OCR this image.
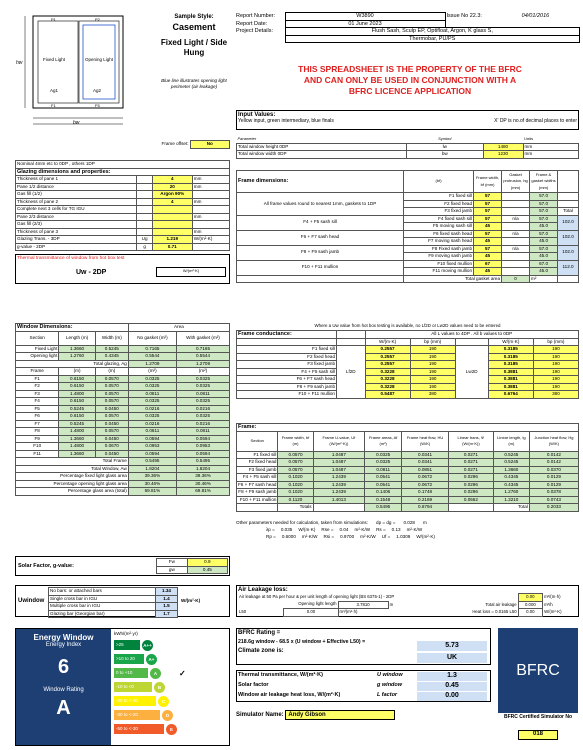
Fixed Light	Opening Light
Ag1	Ag2
P1	P2
F1	F5
hw
bw
Sample Style:
Casement
Fixed Light / Side Hung
Blue line illustrates opening light perimeter (air leakage)
Report Number:	W3890	Issue No 22.3:	04/01/2016
Report Date:	01 June 2023		
Project Details:	Flush Sash, Sculp EP, Optifloat, Argon, K glass S,		
	Thermobar, PU/PS		
THIS SPREADSHEET IS THE PROPERTY OF THE BFRC
AND CAN ONLY BE USED IN CONJUNCTION WITH A
BFRC LICENCE APPLICATION
Input Values:
Yellow input, green intermediary, blue finals	X' DP is no.of decimal places to enter
Parameter	Symbol		Units
Total window height 0DP	lw	1480	mm
Total window width 0DP	bw	1230	mm
Frame offset:	No
Nominal 4mm etc to 0DP , others 1DP			
Glazing dimensions and properties:			
Thickness of pane 1		4	mm
Pane 1/2 distance		20	mm
Gas fill (1/2)		Argon 90%	
Thickness of pane 2		4	mm
Complete next 3 cells for TG IGU			
Pane 2/3 distance			mm
Gas fill (2/3)			
Thickness of pane 3			mm
Glazing Trans. - 3DP	Ug	1.219	W/(m²·K)
g-value - 2DP	g	0.71	
Thermal transmittance of window from hot box test
Uw - 2DP	W/(m²·K)
Frame dimensions:	(bf)	Frame width, bf (mm)	Gasket protrusion, bg (mm)	Frame & gasket widths (mm)	
All frame values round to nearest 1mm, gaskets to 1DP	F1 fixed sill	57		57.0	
	F2 fixed head	57		57.0	
	F3 fixed jamb	57		57.0	Total
F4 + F5 sash sill	F4 fixed sash sill	57	n/a	57.0	102.0
	F5 moving sash sill	45		45.0	
F6 + F7 sash head	F6 fixed sash head	57	n/a	57.0	102.0
	F7 moving sash head	45		45.0	
F8 + F9 sash jamb	F8 Fixed sash jamb	57	n/a	57.0	102.0
	F9 moving sash jamb	45		45.0	
F10 + F11 mullion	F10 fixed mullion	67		67.0	112.0
	F11 moving mullion	45		45.0	
	Total gasket area		0	m²	
Window Dimensions:			Area	
Section	Length (m)	Width (m)	No gasket (m²)	With gasket (m²)
Fixed Light	1.3660	0.5245	0.7165	0.7165
Opening light	1.2760	0.4345	0.5544	0.5544
Total glazing, Ag			1.2709	1.2709
Frame	(m)	(m)	(m²)	(m²)
F1	0.6150	0.0570	0.0325	0.0325
F2	0.6150	0.0570	0.0325	0.0325
F3	1.4800	0.0570	0.0811	0.0811
F4	0.6150	0.0570	0.0325	0.0325
F5	0.5245	0.0450	0.0216	0.0216
F6	0.6150	0.0570	0.0325	0.0325
F7	0.5245	0.0450	0.0216	0.0216
F8	1.4800	0.0570	0.0811	0.0811
F9	1.3660	0.0450	0.0594	0.0594
F10	1.4800	0.0670	0.0953	0.0953
F11	1.3660	0.0450	0.0594	0.0594
Total Frame			0.5495	0.5495
Total Window, Aw			1.8204	1.8204
Percentage fixed light glass area			39.36%	39.36%
Percentage opening light glass area			30.46%	30.46%
Percentage glass area (total)			69.81%	69.81%
Where a Uw value from hot box testing is available, no Lf2D or Lw2D values need to be entered
Frame conductance:		All L values to 4DP . All b values to 0DP				
		W/(m·K)	bp (mm)		W/(m·K)	bp (mm)
F1 fixed sill	Lf2D	0.2557	190	Lw2D	0.3185	190
F2 fixed head		0.2557	190		0.3185	190
F3 fixed jamb		0.2557	190		0.3185	190
F4 + F5 sash sill		0.3228	190		0.3881	190
F6 + F7 sash head		0.3228	190		0.3881	190
F8 + F9 sash jamb		0.3228	190		0.3881	190
F10 + F11 mullion		0.5487	380		0.6764	380
Frame:							
Section	Frame width, bf (m)	Frame U-value, Uf (W/(m²·K))	Frame areas, Af (m²)	Frame heat flow, HU (W/K)	Linear trans, Ψ (W/(m·K))	Linear length, lg (m)	Junction heat flow, Hg (W/K)
F1 fixed sill	0.0570	1.0487	0.0325	0.0341	0.0271	0.5245	0.0142
F2 fixed head	0.0570	1.0487	0.0325	0.0341	0.0271	0.5245	0.0142
F3 fixed jamb	0.0570	1.0487	0.0811	0.0851	0.0271	1.3660	0.0370
F4 + F5 sash sill	0.1020	1.2439	0.0541	0.0672	0.0296	0.4345	0.0129
F6 + F7 sash head	0.1020	1.2439	0.0541	0.0672	0.0296	0.4345	0.0129
F8 + F9 sash jamb	0.1020	1.2439	0.1406	0.1748	0.0296	1.2760	0.0378
F10 + F11 mullion	0.1120	1.4013	0.1548	0.2169	0.0562	1.3210	0.0743
	Totals		0.5495	0.6794		Total	0.2033
Other parameters needed for calculation, taken from simulations: dp = dg = 0.028 m
λp = 0.035 W/(m·K) Rse = 0.04 m²·K/W Rs = 0.13 m²·K/W
Rp = 0.6000 m²·K/W Rsi = 0.9700 m²·K/W Uf = 1.0309 W/(m²·K)
Solar Factor, g-value:
Fw	0.9
gw	0.45
Uwindow
No bars: or attached bars	1.34
Single cross bar in IGU	1.4
Multiple cross bar in IGU	1.5
Glazing bar (Georgian bar)	1.7
W/(m²·K)
Air Leakage loss:
Air leakage at 50 Pa per hour & per unit length of opening light (BS 6375-1) - 2DP					0.00	m³/(m·h)
Opening light length		3.7810	m	Total air leakage	0.000	m³/h
L50	0.00	m³/(m²·h)		Heat loss = 0.0165 L50	0.00	W/(m²·K)
Energy Window
Energy Index
6
Window Rating
A
kWh/(m²·yr)
>25	A++
>10 to 20	A+
0 to +10	A	✓
-10 to <0	B
-20 to <-10	C
-30 to <-20	D
-50 to <-30	E
BFRC Rating =
218.6g window - 68.5 x (U window + Effective L50) =
Climate zone is:
5.73
UK
Thermal transmittance, W/(m²·K)
Solar factor
Window air leakage heat loss, W/(m²·K)
U window
g window
L factor
1.3
0.45
0.00
Simulator Name: Andy Gibson
BFRC
BFRC Certified Simulator No
018
